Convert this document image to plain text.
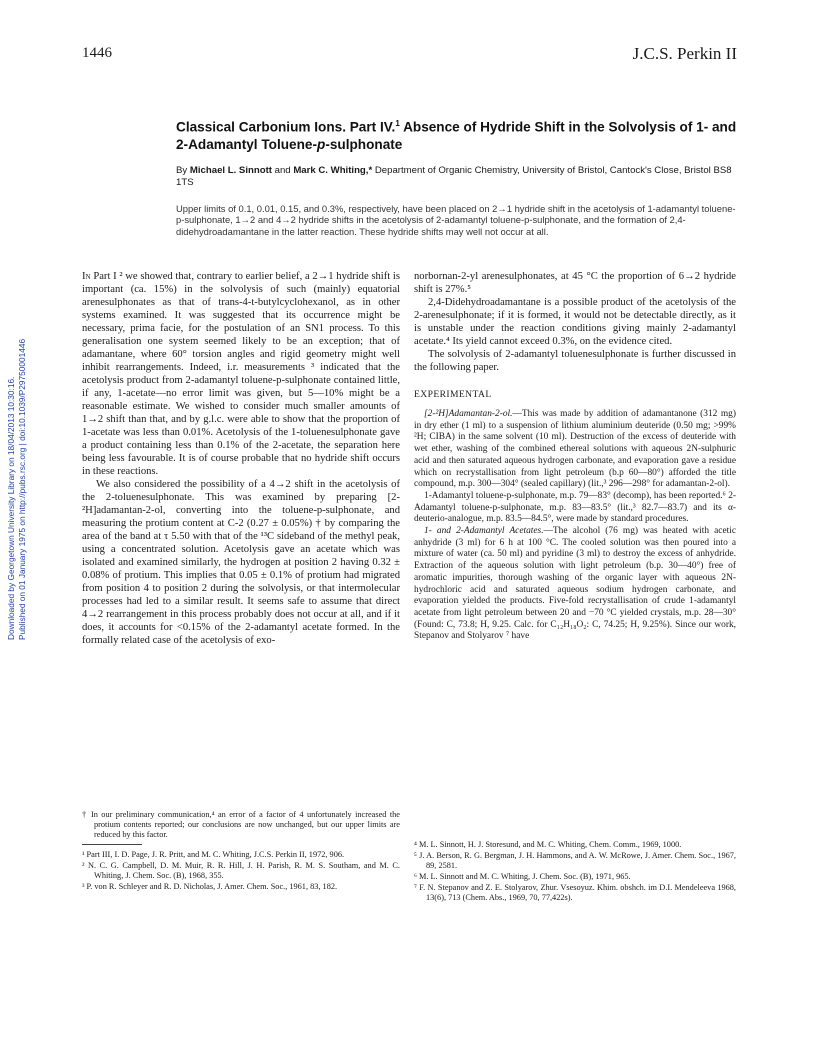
1446	J.C.S. Perkin II
Downloaded by Georgetown University Library on 18/04/2013 10:30:16. Published on 01 January 1975 on http://pubs.rsc.org | doi:10.1039/P29750001446
Classical Carbonium Ions. Part IV.$^1$ Absence of Hydride Shift in the Solvolysis of 1- and 2-Adamantyl Toluene-p-sulphonate
By Michael L. Sinnott and Mark C. Whiting,* Department of Organic Chemistry, University of Bristol, Cantock's Close, Bristol BS8 1TS
Upper limits of 0.1, 0.01, 0.15, and 0.3%, respectively, have been placed on 2→1 hydride shift in the acetolysis of 1-adamantyl toluene-p-sulphonate, 1→2 and 4→2 hydride shifts in the acetolysis of 2-adamantyl toluene-p-sulphonate, and the formation of 2,4-didehydroadamantane in the latter reaction. These hydride shifts may well not occur at all.

In Part I ² we showed that, contrary to earlier belief, a 2→1 hydride shift is important (ca. 15%) in the solvolysis of such (mainly) equatorial arenesulphonates as that of trans-4-t-butylcyclohexanol, as in other systems examined. It was suggested that its occurrence might be necessary, prima facie, for the postulation of an SN1 process. To this generalisation one system seemed likely to be an exception; that of adamantane, where 60° torsion angles and rigid geometry might well inhibit rearrangements. Indeed, i.r. measurements ³ indicated that the acetolysis product from 2-adamantyl toluene-p-sulphonate contained little, if any, 1-acetate—no error limit was given, but 5—10% might be a reasonable estimate. We wished to consider much smaller amounts of 1→2 shift than that, and by g.l.c. were able to show that the proportion of 1-acetate was less than 0.01%. Acetolysis of the 1-toluenesulphonate gave a product containing less than 0.1% of the 2-acetate, the separation here being less favourable. It is of course probable that no hydride shift occurs in these reactions.

We also considered the possibility of a 4→2 shift in the acetolysis of the 2-toluenesulphonate. This was examined by preparing [2-²H]adamantan-2-ol, converting into the toluene-p-sulphonate, and measuring the protium content at C-2 (0.27 ± 0.05%) † by comparing the area of the band at τ 5.50 with that of the ¹³C sideband of the methyl peak, using a concentrated solution. Acetolysis gave an acetate which was isolated and examined similarly, the hydrogen at position 2 having 0.32 ± 0.08% of protium. This implies that 0.05 ± 0.1% of protium had migrated from position 4 to position 2 during the solvolysis, or that intermolecular processes had led to a similar result. It seems safe to assume that direct 4→2 rearrangement in this process probably does not occur at all, and if it does, it accounts for <0.15% of the 2-adamantyl acetate formed. In the formally related case of the acetolysis of exo-

† In our preliminary communication,⁴ an error of a factor of 4 unfortunately increased the protium contents reported; our conclusions are now unchanged, but our upper limits are reduced by this factor.

¹ Part III, I. D. Page, J. R. Pritt, and M. C. Whiting, J.C.S. Perkin II, 1972, 906.

² N. C. G. Campbell, D. M. Muir, R. R. Hill, J. H. Parish, R. M. S. Southam, and M. C. Whiting, J. Chem. Soc. (B), 1968, 355.

³ P. von R. Schleyer and R. D. Nicholas, J. Amer. Chem. Soc., 1961, 83, 182.

norbornan-2-yl arenesulphonates, at 45 °C the proportion of 6→2 hydride shift is 27%.⁵

2,4-Didehydroadamantane is a possible product of the acetolysis of the 2-arenesulphonate; if it is formed, it would not be detectable directly, as it is unstable under the reaction conditions giving mainly 2-adamantyl acetate.⁴ Its yield cannot exceed 0.3%, on the evidence cited.

The solvolysis of 2-adamantyl toluenesulphonate is further discussed in the following paper.

EXPERIMENTAL

[2-²H]Adamantan-2-ol.—This was made by addition of adamantanone (312 mg) in dry ether (1 ml) to a suspension of lithium aluminium deuteride (0.50 mg; >99% ²H; CIBA) in the same solvent (10 ml). Destruction of the excess of deuteride with wet ether, washing of the combined ethereal solutions with aqueous 2N-sulphuric acid and then saturated aqueous hydrogen carbonate, and evaporation gave a residue which on recrystallisation from light petroleum (b.p 60—80°) afforded the title compound, m.p. 300—304° (sealed capillary) (lit.,³ 296—298° for adamantan-2-ol).

1-Adamantyl toluene-p-sulphonate, m.p. 79—83° (decomp), has been reported.⁶ 2-Adamantyl toluene-p-sulphonate, m.p. 83—83.5° (lit.,³ 82.7—83.7) and its α-deuterio-analogue, m.p. 83.5—84.5°, were made by standard procedures.

1- and 2-Adamantyl Acetates.—The alcohol (76 mg) was heated with acetic anhydride (3 ml) for 6 h at 100 °C. The cooled solution was then poured into a mixture of water (ca. 50 ml) and pyridine (3 ml) to destroy the excess of anhydride. Extraction of the aqueous solution with light petroleum (b.p. 30—40°) free of aromatic impurities, thorough washing of the organic layer with aqueous 2N-hydrochloric acid and saturated aqueous sodium hydrogen carbonate, and evaporation yielded the products. Five-fold recrystallisation of crude 1-adamantyl acetate from light petroleum between 20 and −70 °C yielded crystals, m.p. 28—30° (Found: C, 73.8; H, 9.25. Calc. for C₁₂H₁₈O₂: C, 74.25; H, 9.25%). Since our work, Stepanov and Stolyarov ⁷ have

⁴ M. L. Sinnott, H. J. Storesund, and M. C. Whiting, Chem. Comm., 1969, 1000.

⁵ J. A. Berson, R. G. Bergman, J. H. Hammons, and A. W. McRowe, J. Amer. Chem. Soc., 1967, 89, 2581.

⁶ M. L. Sinnott and M. C. Whiting, J. Chem. Soc. (B), 1971, 965.

⁷ F. N. Stepanov and Z. E. Stolyarov, Zhur. Vsesoyuz. Khim. obshch. im D.I. Mendeleeva 1968, 13(6), 713 (Chem. Abs., 1969, 70, 77,422s).
